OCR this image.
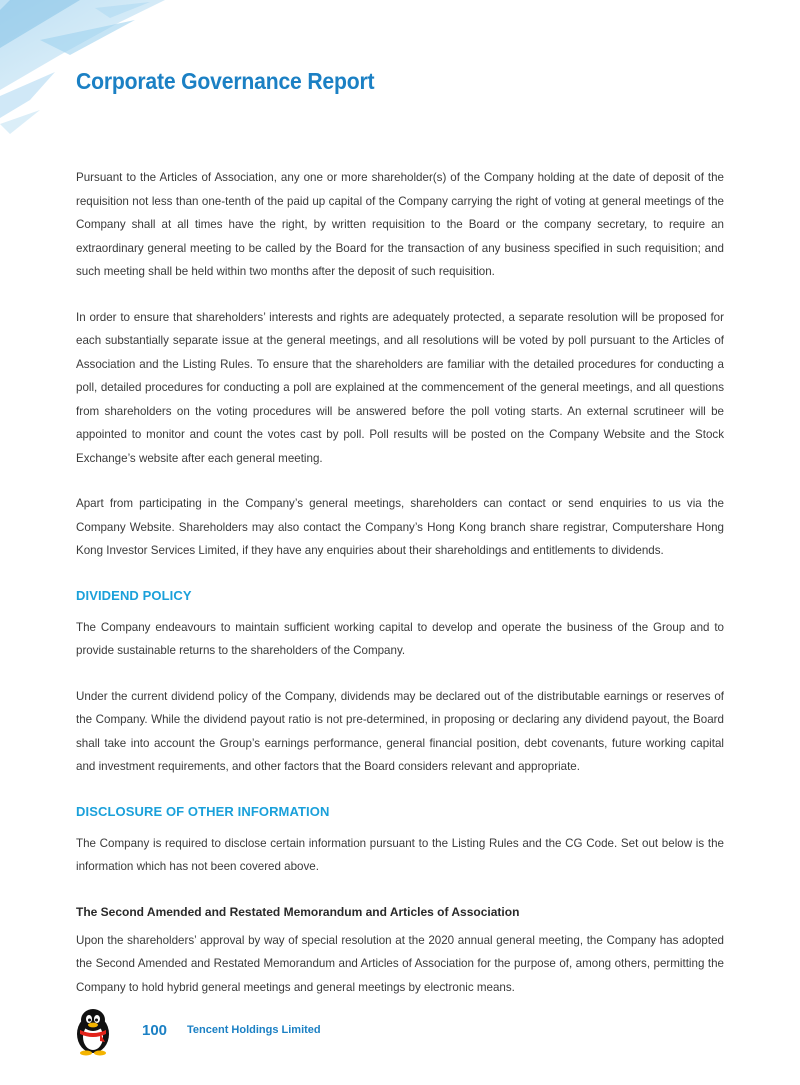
Corporate Governance Report

Pursuant to the Articles of Association, any one or more shareholder(s) of the Company holding at the date of deposit of the requisition not less than one-tenth of the paid up capital of the Company carrying the right of voting at general meetings of the Company shall at all times have the right, by written requisition to the Board or the company secretary, to require an extraordinary general meeting to be called by the Board for the transaction of any business specified in such requisition; and such meeting shall be held within two months after the deposit of such requisition.

In order to ensure that shareholders’ interests and rights are adequately protected, a separate resolution will be proposed for each substantially separate issue at the general meetings, and all resolutions will be voted by poll pursuant to the Articles of Association and the Listing Rules. To ensure that the shareholders are familiar with the detailed procedures for conducting a poll, detailed procedures for conducting a poll are explained at the commencement of the general meetings, and all questions from shareholders on the voting procedures will be answered before the poll voting starts. An external scrutineer will be appointed to monitor and count the votes cast by poll. Poll results will be posted on the Company Website and the Stock Exchange’s website after each general meeting.

Apart from participating in the Company’s general meetings, shareholders can contact or send enquiries to us via the Company Website. Shareholders may also contact the Company’s Hong Kong branch share registrar, Computershare Hong Kong Investor Services Limited, if they have any enquiries about their shareholdings and entitlements to dividends.

DIVIDEND POLICY

The Company endeavours to maintain sufficient working capital to develop and operate the business of the Group and to provide sustainable returns to the shareholders of the Company.

Under the current dividend policy of the Company, dividends may be declared out of the distributable earnings or reserves of the Company. While the dividend payout ratio is not pre-determined, in proposing or declaring any dividend payout, the Board shall take into account the Group’s earnings performance, general financial position, debt covenants, future working capital and investment requirements, and other factors that the Board considers relevant and appropriate.

DISCLOSURE OF OTHER INFORMATION

The Company is required to disclose certain information pursuant to the Listing Rules and the CG Code. Set out below is the information which has not been covered above.

The Second Amended and Restated Memorandum and Articles of Association

Upon the shareholders’ approval by way of special resolution at the 2020 annual general meeting, the Company has adopted the Second Amended and Restated Memorandum and Articles of Association for the purpose of, among others, permitting the Company to hold hybrid general meetings and general meetings by electronic means.

100 Tencent Holdings Limited
